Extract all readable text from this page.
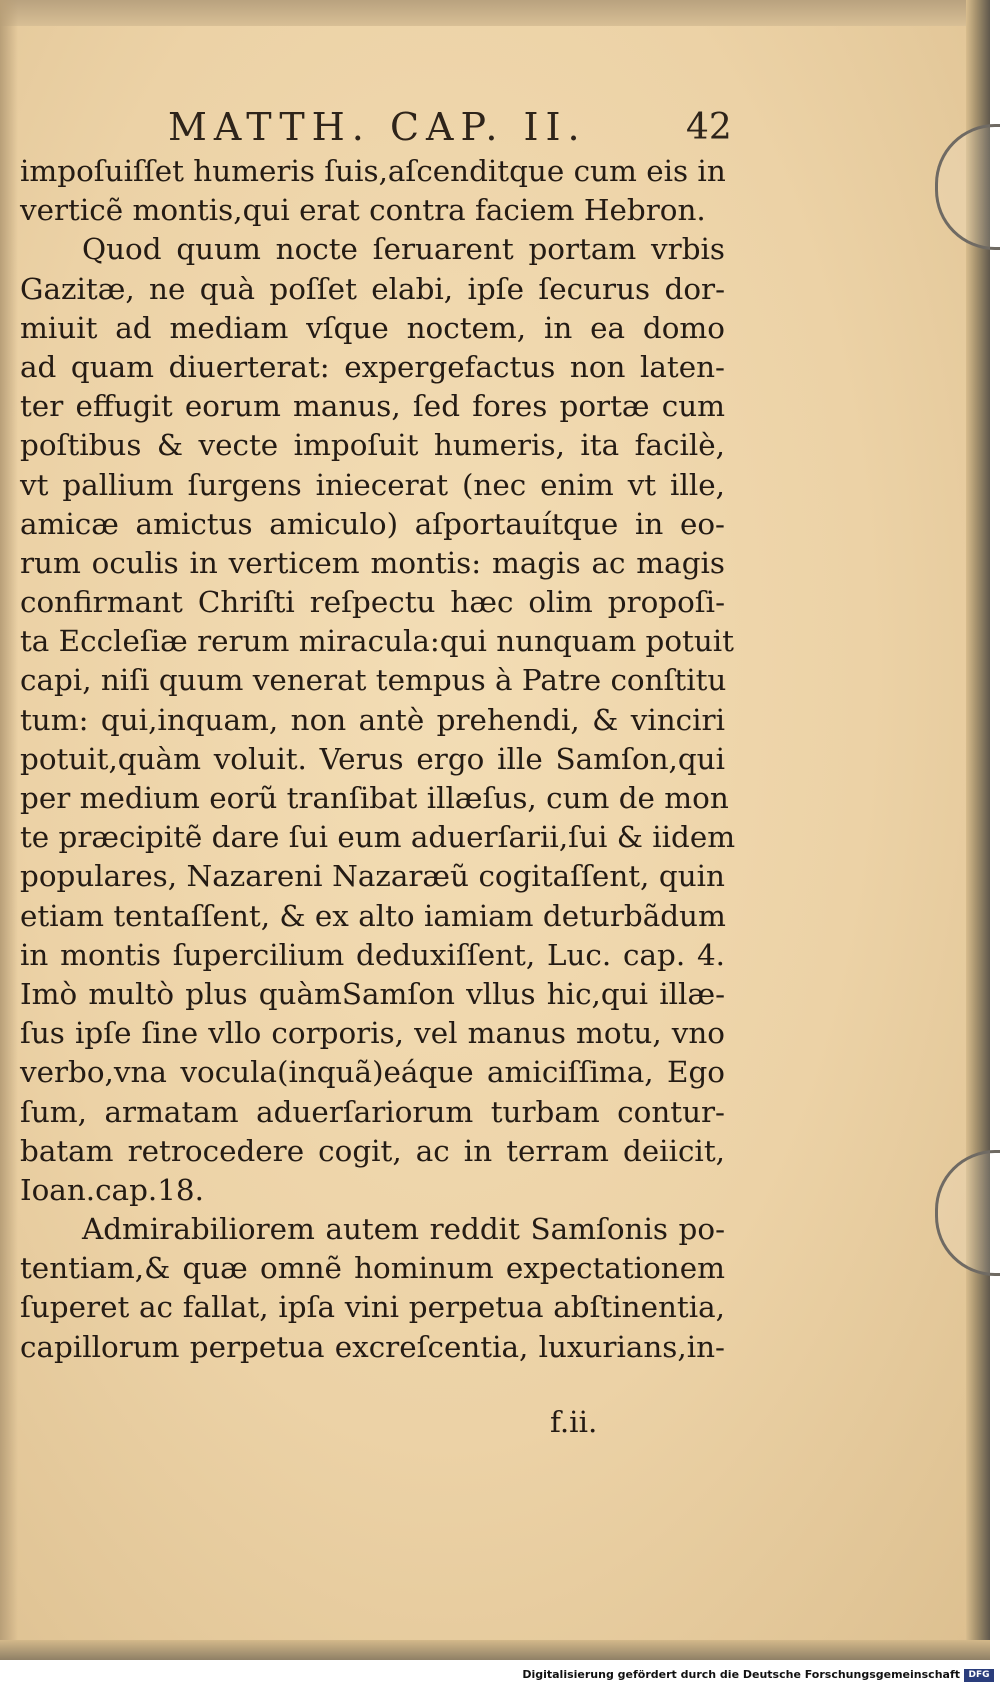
MATTH. CAP. II.	42
impoſuiſſet humeris ſuis,aſcenditque cum eis in
verticẽ montis,qui erat contra faciem Hebron.
Quod quum nocte ſeruarent portam vrbis
Gazitæ, ne quà poſſet elabi, ipſe ſecurus dor-
miuit ad mediam vſque noctem, in ea domo
ad quam diuerterat: expergefactus non laten-
ter effugit eorum manus, ſed fores portæ cum
poſtibus & vecte impoſuit humeris, ita facilè,
vt pallium ſurgens iniecerat (nec enim vt ille,
amicæ amictus amiculo) aſportauítque in eo-
rum oculis in verticem montis: magis ac magis
confirmant Chriſti reſpectu hæc olim propoſi-
ta Eccleſiæ rerum miracula:qui nunquam potuit
capi, niſi quum venerat tempus à Patre conſtitu
tum: qui,inquam, non antè prehendi, & vinciri
potuit,quàm voluit. Verus ergo ille Samſon,qui
per medium eorũ tranſibat illæſus, cum de mon
te præcipitẽ dare ſui eum aduerſarii,ſui & iidem
populares, Nazareni Nazaræũ cogitaſſent, quin
etiam tentaſſent, & ex alto iamiam deturbãdum
in montis ſupercilium deduxiſſent, Luc. cap. 4.
Imò multò plus quàmSamſon vllus hic,qui illæ-
ſus ipſe ſine vllo corporis, vel manus motu, vno
verbo,vna vocula(inquã)eáque amiciſſima, Ego
ſum, armatam aduerſariorum turbam contur-
batam retrocedere cogit, ac in terram deiicit,
Ioan.cap.18.
Admirabiliorem autem reddit Samſonis po-
tentiam,& quæ omnẽ hominum expectationem
ſuperet ac fallat, ipſa vini perpetua abſtinentia,
capillorum perpetua excreſcentia, luxurians,in-
f.ii.
Digitalisierung gefördert durch die Deutsche Forschungsgemeinschaft DFG
